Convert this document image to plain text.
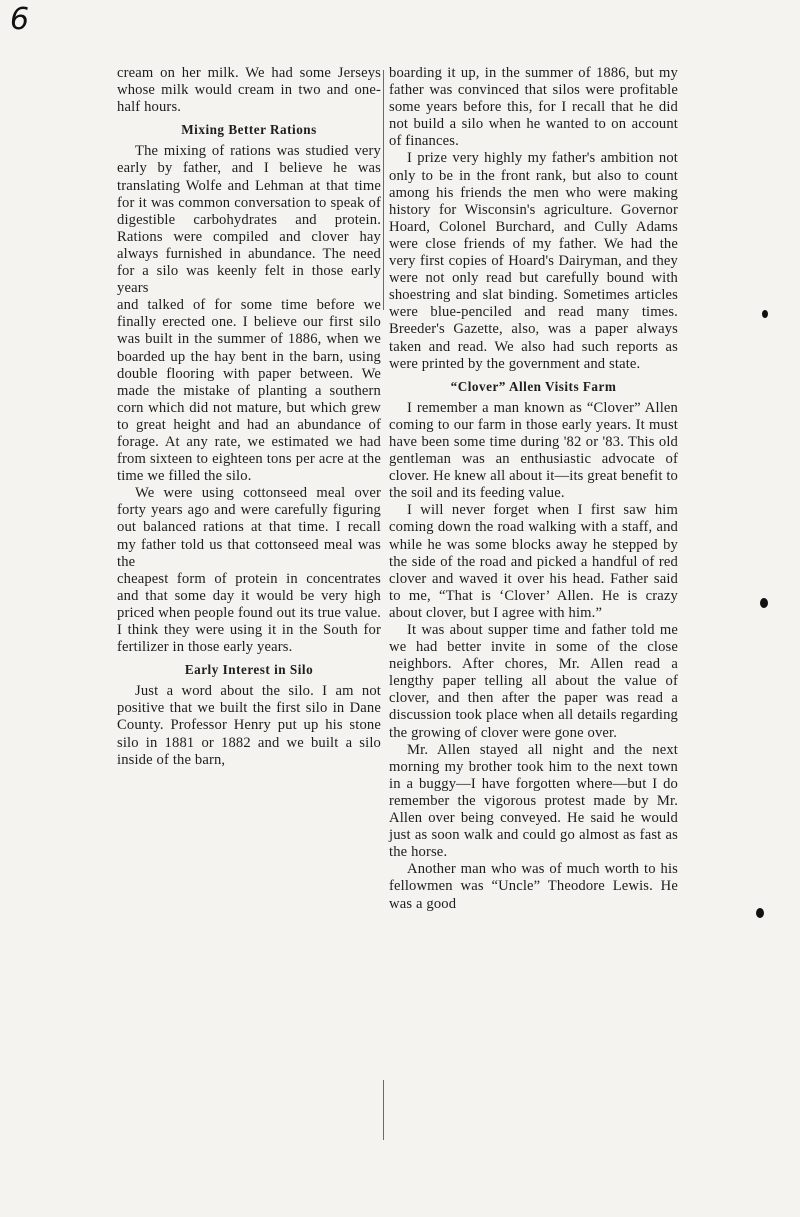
6

cream on her milk. We had some Jerseys whose milk would cream in two and one-half hours.

Mixing Better Rations

The mixing of rations was studied very early by father, and I believe he was translating Wolfe and Lehman at that time for it was common conversation to speak of digestible carbohydrates and protein. Rations were compiled and clover hay always furnished in abundance. The need for a silo was keenly felt in those early years

and talked of for some time before we finally erected one. I believe our first silo was built in the summer of 1886, when we boarded up the hay bent in the barn, using double flooring with paper between. We made the mistake of planting a southern corn which did not mature, but which grew to great height and had an abundance of forage. At any rate, we estimated we had from sixteen to eighteen tons per acre at the time we filled the silo.

We were using cottonseed meal over forty years ago and were carefully figuring out balanced rations at that time. I recall my father told us that cottonseed meal was the

cheapest form of protein in concentrates and that some day it would be very high priced when people found out its true value. I think they were using it in the South for fertilizer in those early years.

Early Interest in Silo

Just a word about the silo. I am not positive that we built the first silo in Dane County. Professor Henry put up his stone silo in 1881 or 1882 and we built a silo inside of the barn,

boarding it up, in the summer of 1886, but my father was convinced that silos were profitable some years before this, for I recall that he did not build a silo when he wanted to on account of finances.

I prize very highly my father's ambition not only to be in the front rank, but also to count among his friends the men who were making history for Wisconsin's agriculture. Governor Hoard, Colonel Burchard, and Cully Adams were close friends of my father. We had the very first copies of Hoard's Dairyman, and they were not only read but carefully bound with shoestring and slat binding. Sometimes articles were blue-penciled and read many times. Breeder's Gazette, also, was a paper always taken and read. We also had such reports as were printed by the government and state.

“Clover” Allen Visits Farm

I remember a man known as “Clover” Allen coming to our farm in those early years. It must have been some time during '82 or '83. This old gentleman was an enthusiastic advocate of clover. He knew all about it—its great benefit to the soil and its feeding value.

I will never forget when I first saw him coming down the road walking with a staff, and while he was some blocks away he stepped by the side of the road and picked a handful of red clover and waved it over his head. Father said to me, “That is ‘Clover’ Allen. He is crazy about clover, but I agree with him.”

It was about supper time and father told me we had better invite in some of the close neighbors. After chores, Mr. Allen read a lengthy paper telling all about the value of clover, and then after the paper was read a discussion took place when all details regarding the growing of clover were gone over.

Mr. Allen stayed all night and the next morning my brother took him to the next town in a buggy—I have forgotten where—but I do remember the vigorous protest made by Mr. Allen over being conveyed. He said he would just as soon walk and could go almost as fast as the horse.

Another man who was of much worth to his fellowmen was “Uncle” Theodore Lewis. He was a good
